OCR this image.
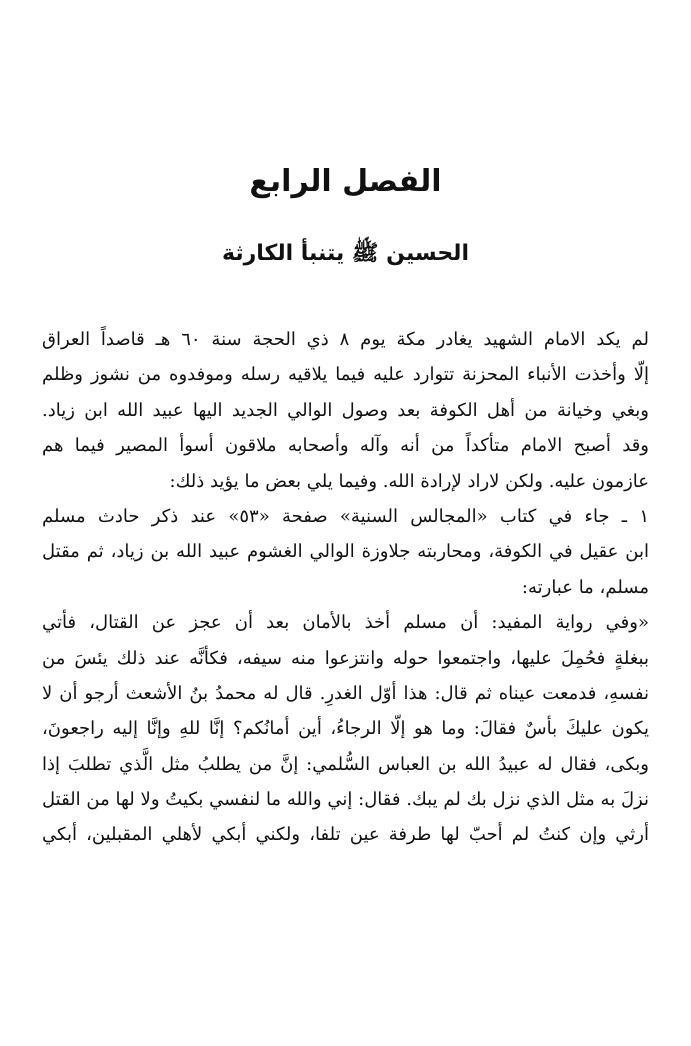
الفصل الرابع
الحسين ﷺ يتنبأ الكارثة
لم يكد الامام الشهيد يغادر مكة يوم ٨ ذي الحجة سنة ٦٠ هـ قاصداً العراق
إلّا وأخذت الأنباء المحزنة تتوارد عليه فيما يلاقيه رسله وموفدوه من نشوز وظلم
وبغي وخيانة من أهل الكوفة بعد وصول الوالي الجديد اليها عبيد الله ابن زياد.
وقد أصبح الامام متأكداً من أنه وآله وأصحابه ملاقون أسوأ المصير فيما هم
عازمون عليه. ولكن لاراد لإرادة الله. وفيما يلي بعض ما يؤيد ذلك:
١ ـ جاء في كتاب «المجالس السنية» صفحة «٥٣» عند ذكر حادث مسلم
ابن عقيل في الكوفة، ومحاربته جلاوزة الوالي الغشوم عبيد الله بن زياد، ثم مقتل
مسلم، ما عبارته:
«وفي رواية المفيد: أن مسلم أخذ بالأمان بعد أن عجز عن القتال، فأتي
ببغلةٍ فحُمِلَ عليها، واجتمعوا حوله وانتزعوا منه سيفه، فكأنَّه عند ذلك يئسَ من
نفسهِ، فدمعت عيناه ثم قال: هذا أوّل الغدرِ. قال له محمدُ بنُ الأشعث أرجو أن لا
يكون عليكَ بأسٌ فقالَ: وما هو إلّا الرجاءُ، أين أمانُكم؟ إنَّا للهِ وإنَّا إليه راجعونَ،
وبكى، فقال له عبيدُ الله بن العباس السُّلمي: إنَّ من يطلبُ مثل الَّذي تطلبَ إذا
نزلَ به مثل الذي نزل بك لم يبك. فقال: إني والله ما لنفسي بكيتُ ولا لها من القتل
أرثي وإن كنتُ لم أحبّ لها طرفة عين تلفا، ولكني أبكي لأهلي المقبلين، أبكي
